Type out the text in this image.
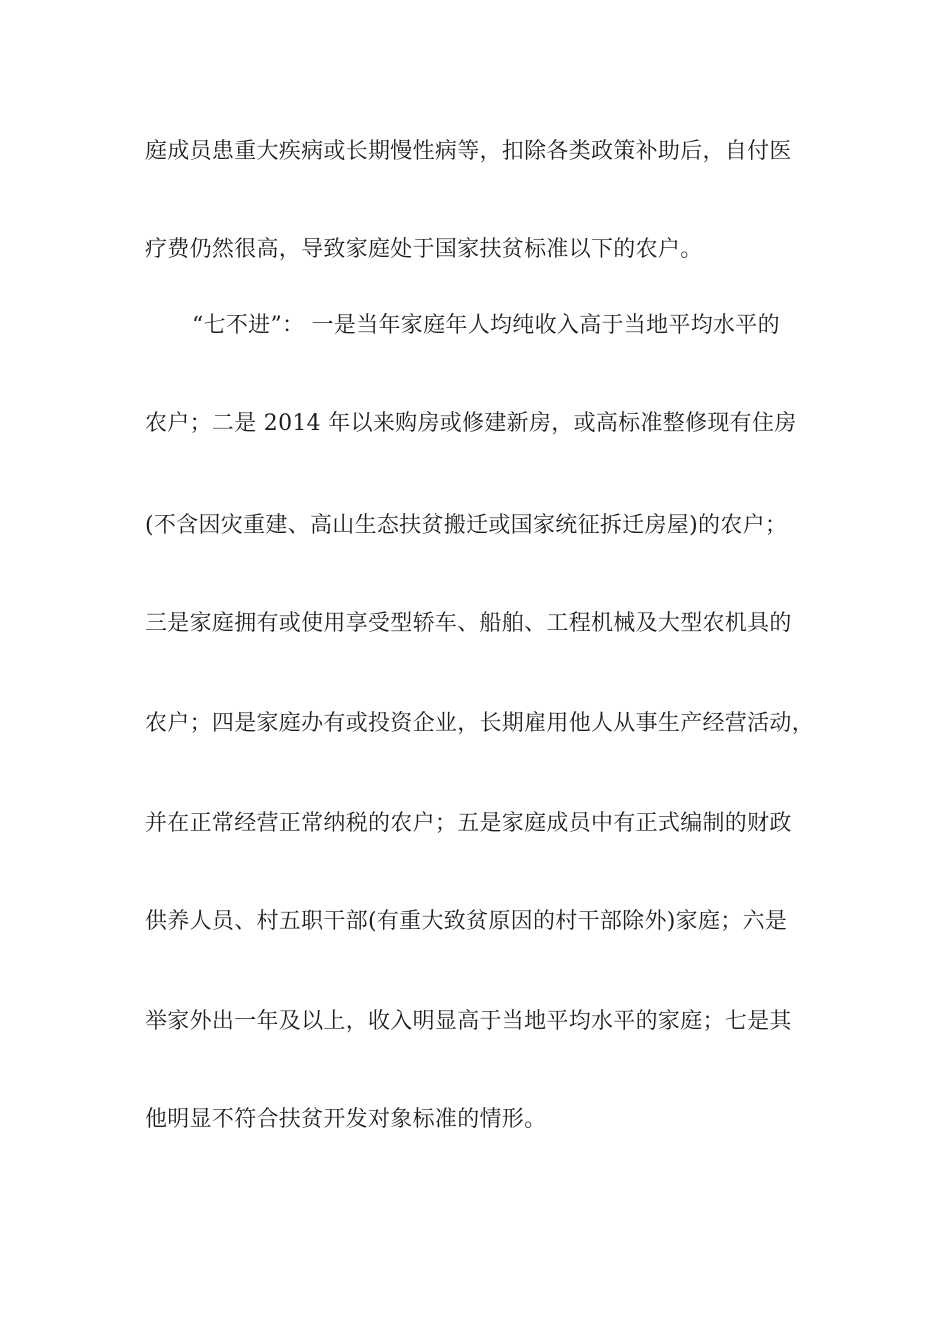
庭成员患重大疾病或长期慢性病等，扣除各类政策补助后，自付医
疗费仍然很高，导致家庭处于国家扶贫标准以下的农户。
“七不进”： 一是当年家庭年人均纯收入高于当地平均水平的
农户；二是 2014 年以来购房或修建新房，或高标准整修现有住房
(不含因灾重建、高山生态扶贫搬迁或国家统征拆迁房屋)的农户；
三是家庭拥有或使用享受型轿车、船舶、工程机械及大型农机具的
农户；四是家庭办有或投资企业，长期雇用他人从事生产经营活动，
并在正常经营正常纳税的农户；五是家庭成员中有正式编制的财政
供养人员、村五职干部(有重大致贫原因的村干部除外)家庭；六是
举家外出一年及以上，收入明显高于当地平均水平的家庭；七是其
他明显不符合扶贫开发对象标准的情形。
